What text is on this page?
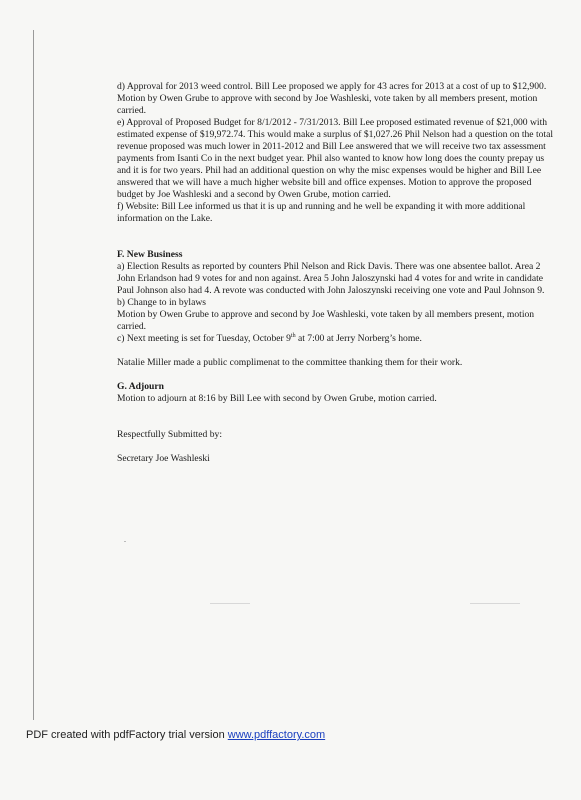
d) Approval for 2013 weed control. Bill Lee proposed we apply for 43 acres for 2013 at a cost of up to $12,900. Motion by Owen Grube to approve with second by Joe Washleski, vote taken by all members present, motion carried.

e) Approval of Proposed Budget for 8/1/2012 - 7/31/2013. Bill Lee proposed estimated revenue of $21,000 with estimated expense of $19,972.74. This would make a surplus of $1,027.26 Phil Nelson had a question on the total revenue proposed was much lower in 2011-2012 and Bill Lee answered that we will receive two tax assessment payments from Isanti Co in the next budget year. Phil also wanted to know how long does the county prepay us and it is for two years. Phil had an additional question on why the misc expenses would be higher and Bill Lee answered that we will have a much higher website bill and office expenses. Motion to approve the proposed budget by Joe Washleski and a second by Owen Grube, motion carried.

f) Website: Bill Lee informed us that it is up and running and he well be expanding it with more additional information on the Lake.

F. New Business

a) Election Results as reported by counters Phil Nelson and Rick Davis. There was one absentee ballot. Area 2 John Erlandson had 9 votes for and non against. Area 5 John Jaloszynski had 4 votes for and write in candidate Paul Johnson also had 4. A revote was conducted with John Jaloszynski receiving one vote and Paul Johnson 9.

b) Change to in bylaws

Motion by Owen Grube to approve and second by Joe Washleski, vote taken by all members present, motion carried.

c) Next meeting is set for Tuesday, October 9th at 7:00 at Jerry Norberg’s home.

Natalie Miller made a public complimenat to the committee thanking them for their work.

G. Adjourn

Motion to adjourn at 8:16 by Bill Lee with second by Owen Grube, motion carried.

Respectfully Submitted by:

Secretary Joe Washleski

PDF created with pdfFactory trial version www.pdffactory.com
